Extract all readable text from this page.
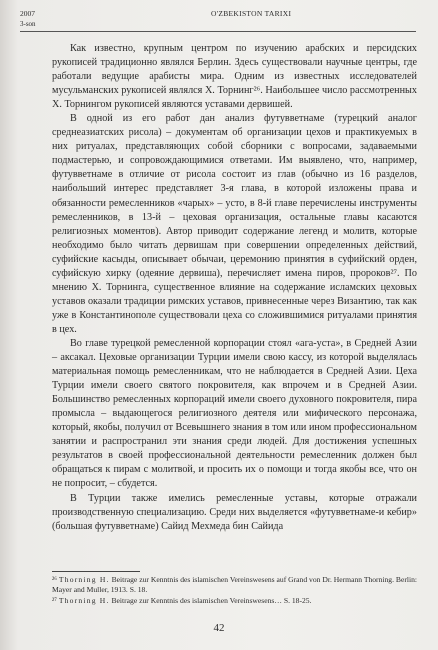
2007
3-son
O'ZBEKISTON TARIXI

Как известно, крупным центром по изучению арабских и персидских рукописей традиционно являлся Берлин. Здесь существовали научные центры, где работали ведущие арабисты мира. Одним из известных исследователей мусульманских рукописей являлся Х. Торнинг²⁶. Наибольшее число рассмотренных Х. Торнингом рукописей являются уставами дервишей.

В одной из его работ дан анализ футувветнаме (турецкий аналог среднеазиатских рисола) – документам об организации цехов и практикуемых в них ритуалах, представляющих собой сборники с вопросами, задаваемыми подмастерью, и сопровождающимися ответами. Им выявлено, что, например, футувветнаме в отличие от рисола состоит из глав (обычно из 16 разделов, наибольший интерес представляет 3-я глава, в которой изложены права и обязанности ремесленников «чарых» – усто, в 8-й главе перечислены инструменты ремесленников, в 13-й – цеховая организация, остальные главы касаются религиозных моментов). Автор приводит содержание легенд и молитв, которые необходимо было читать дервишам при совершении определенных действий, суфийские касыды, описывает обычаи, церемонию принятия в суфийский орден, суфийскую хирку (одеяние дервиша), перечисляет имена пиров, пророков²⁷. По мнению Х. Торнинга, существенное влияние на содержание исламских цеховых уставов оказали традиции римских уставов, привнесенные через Византию, так как уже в Константинополе существовали цеха со сложившимися ритуалами принятия в цех.

Во главе турецкой ремесленной корпорации стоял «ага-уста», в Средней Азии – аксакал. Цеховые организации Турции имели свою кассу, из которой выделялась материальная помощь ремесленникам, что не наблюдается в Средней Азии. Цеха Турции имели своего святого покровителя, как впрочем и в Средней Азии. Большинство ремесленных корпораций имели своего духовного покровителя, пира промысла – выдающегося религиозного деятеля или мифического персонажа, который, якобы, получил от Всевышнего знания в том или ином профессиональном занятии и распространил эти знания среди людей. Для достижения успешных результатов в своей профессиональной деятельности ремесленник должен был обращаться к пирам с молитвой, и просить их о помощи и тогда якобы все, что он не попросит, – сбудется.

В Турции также имелись ремесленные уставы, которые отражали производственную специализацию. Среди них выделяется «футувветнаме-и кебир» (большая футувветнаме) Сайид Мехмеда бин Сайида

²⁶ Thorning H. Beitrage zur Kenntnis des islamischen Vereinswesens auf Grand von Dr. Hermann Thorning. Berlin: Mayer and Muller, 1913. S. 18.

²⁷ Thorning H. Beitrage zur Kenntnis des islamischen Vereinswesens… S. 18-25.

42
